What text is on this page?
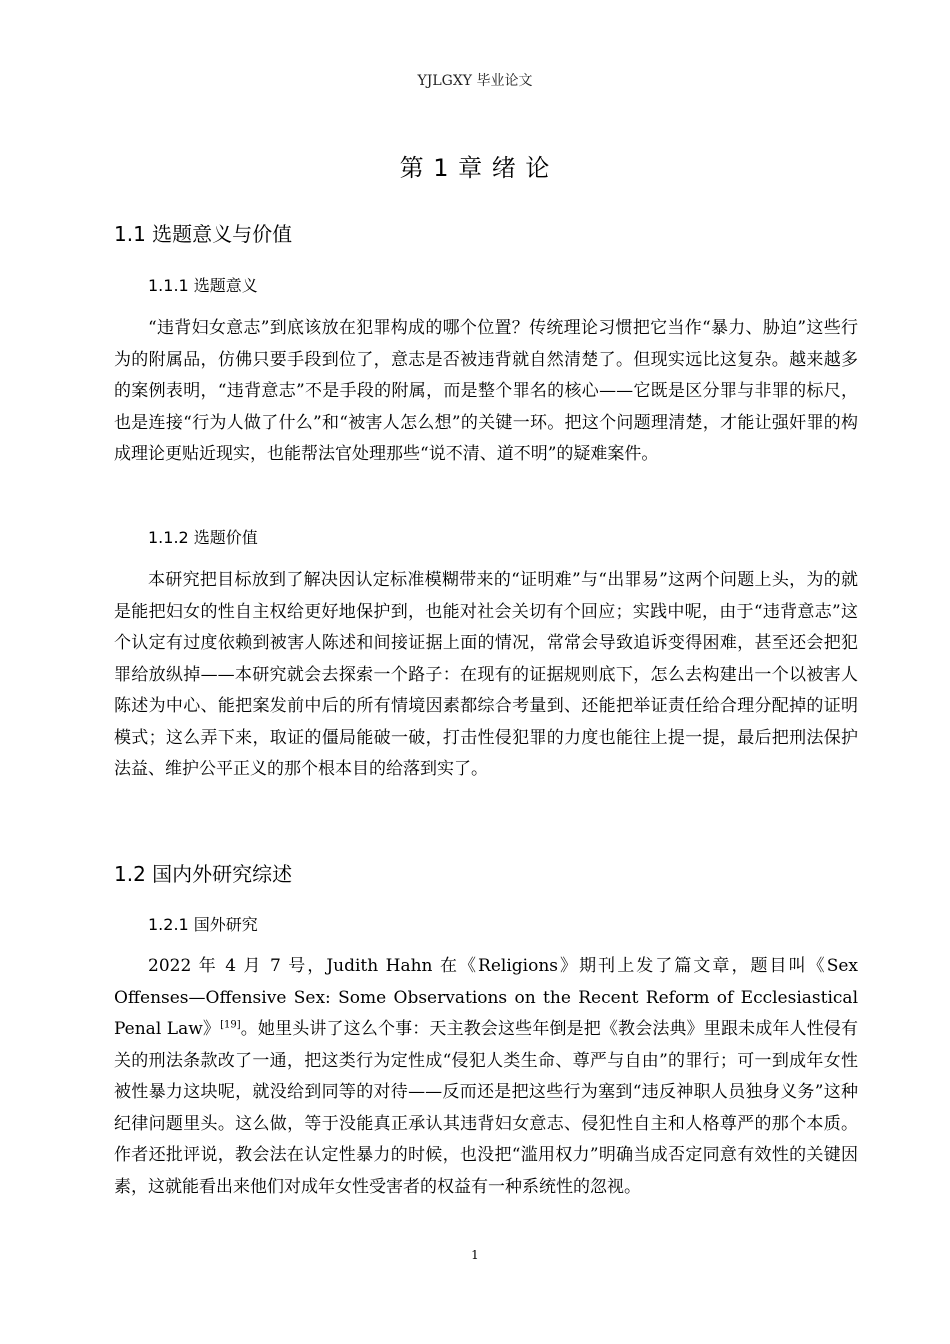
YJLGXY 毕业论文
第 1 章 绪 论
1.1 选题意义与价值
1.1.1 选题意义

“违背妇女意志”到底该放在犯罪构成的哪个位置？传统理论习惯把它当作“暴力、胁迫”这些行为的附属品，仿佛只要手段到位了，意志是否被违背就自然清楚了。但现实远比这复杂。越来越多的案例表明，“违背意志”不是手段的附属，而是整个罪名的核心——它既是区分罪与非罪的标尺，也是连接“行为人做了什么”和“被害人怎么想”的关键一环。把这个问题理清楚，才能让强奸罪的构成理论更贴近现实，也能帮法官处理那些“说不清、道不明”的疑难案件。

1.1.2 选题价值

本研究把目标放到了解决因认定标准模糊带来的“证明难”与“出罪易”这两个问题上头，为的就是能把妇女的性自主权给更好地保护到，也能对社会关切有个回应；实践中呢，由于“违背意志”这个认定有过度依赖到被害人陈述和间接证据上面的情况，常常会导致追诉变得困难，甚至还会把犯罪给放纵掉——本研究就会去探索一个路子：在现有的证据规则底下，怎么去构建出一个以被害人陈述为中心、能把案发前中后的所有情境因素都综合考量到、还能把举证责任给合理分配掉的证明模式；这么弄下来，取证的僵局能破一破，打击性侵犯罪的力度也能往上提一提，最后把刑法保护法益、维护公平正义的那个根本目的给落到实了。

1.2 国内外研究综述
1.2.1 国外研究

2022 年 4 月 7 号，Judith Hahn 在《Religions》期刊上发了篇文章，题目叫《Sex Offenses—Offensive Sex: Some Observations on the Recent Reform of Ecclesiastical Penal Law》[19]。她里头讲了这么个事：天主教会这些年倒是把《教会法典》里跟未成年人性侵有关的刑法条款改了一通，把这类行为定性成“侵犯人类生命、尊严与自由”的罪行；可一到成年女性被性暴力这块呢，就没给到同等的对待——反而还是把这些行为塞到“违反神职人员独身义务”这种纪律问题里头。这么做，等于没能真正承认其违背妇女意志、侵犯性自主和人格尊严的那个本质。作者还批评说，教会法在认定性暴力的时候，也没把“滥用权力”明确当成否定同意有效性的关键因素，这就能看出来他们对成年女性受害者的权益有一种系统性的忽视。

1
